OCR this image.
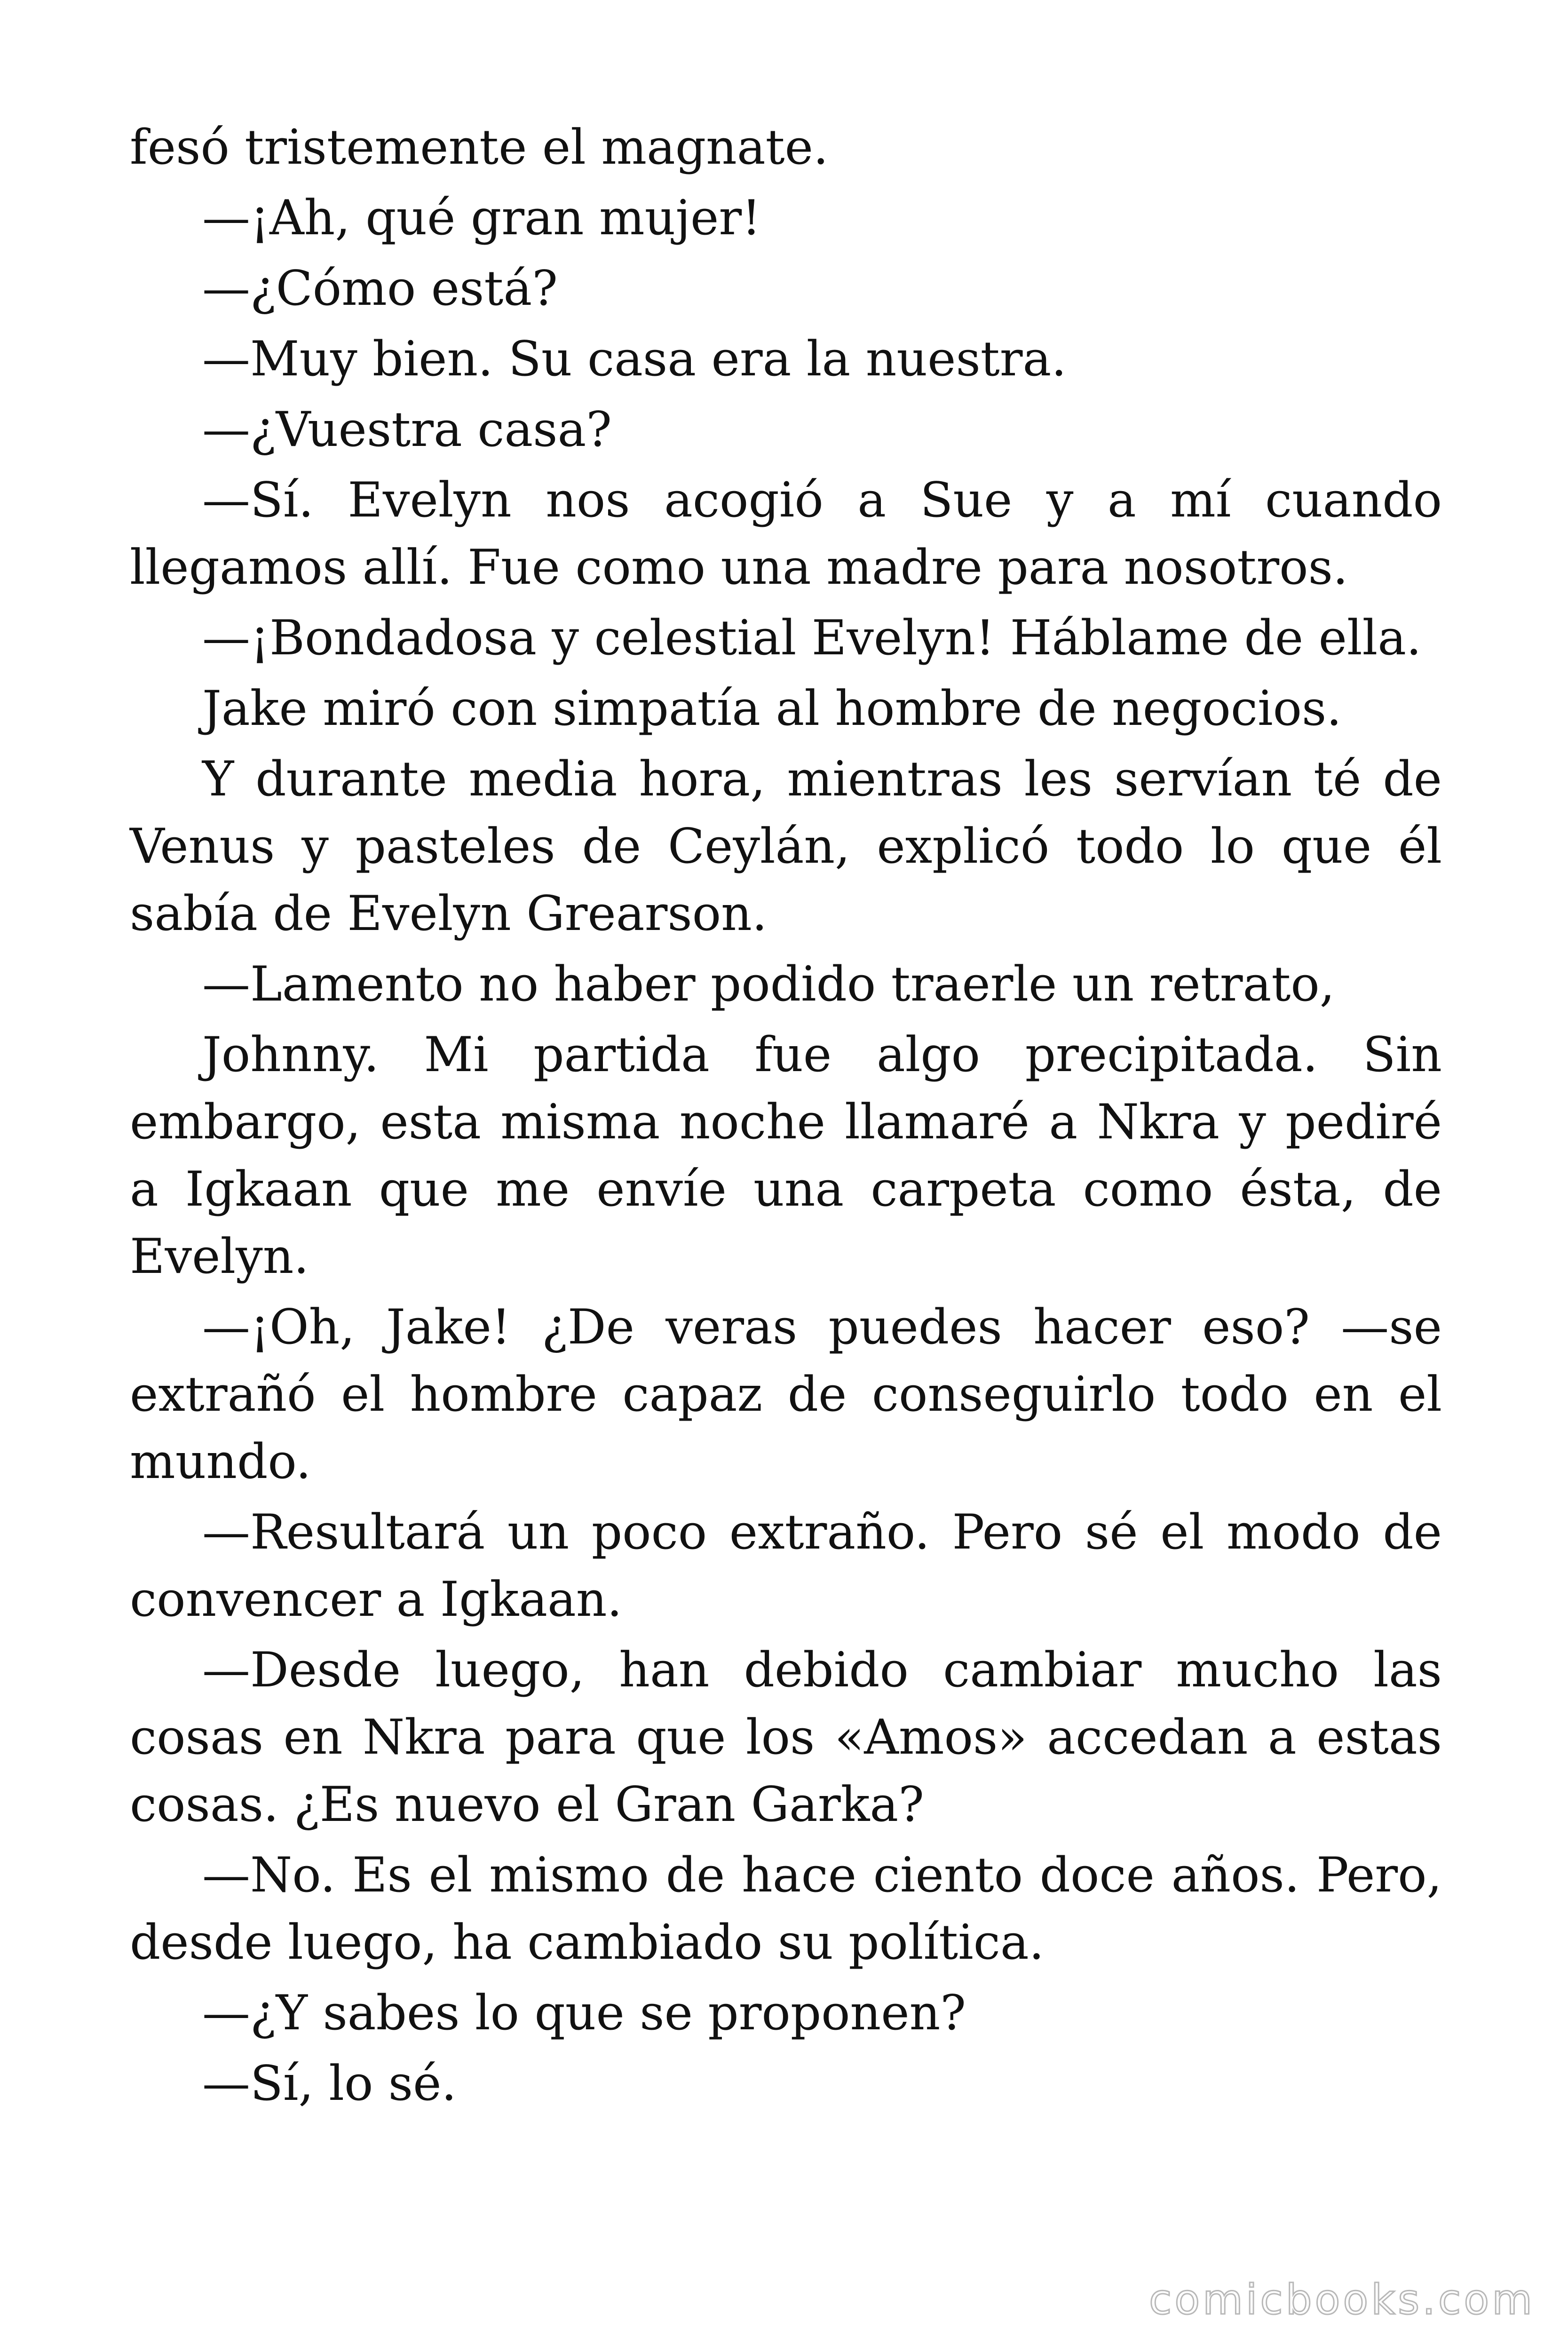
fesó tristemente el magnate.

—¡Ah, qué gran mujer!

—¿Cómo está?

—Muy bien. Su casa era la nuestra.

—¿Vuestra casa?

—Sí. Evelyn nos acogió a Sue y a mí cuando llegamos allí. Fue como una madre para nosotros.

—¡Bondadosa y celestial Evelyn! Háblame de ella.

Jake miró con simpatía al hombre de negocios.

Y durante media hora, mientras les servían té de Venus y pasteles de Ceylán, explicó todo lo que él sabía de Evelyn Grearson.

—Lamento no haber podido traerle un retrato,

Johnny. Mi partida fue algo precipitada. Sin embargo, esta misma noche llamaré a Nkra y pediré a Igkaan que me envíe una carpeta como ésta, de Evelyn.

—¡Oh, Jake! ¿De veras puedes hacer eso? —se extrañó el hombre capaz de conseguirlo todo en el mundo.

—Resultará un poco extraño. Pero sé el modo de convencer a Igkaan.

—Desde luego, han debido cambiar mucho las cosas en Nkra para que los «Amos» accedan a estas cosas. ¿Es nuevo el Gran Garka?

—No. Es el mismo de hace ciento doce años. Pero, desde luego, ha cambiado su política.

—¿Y sabes lo que se proponen?

—Sí, lo sé.

comicbooks.com
